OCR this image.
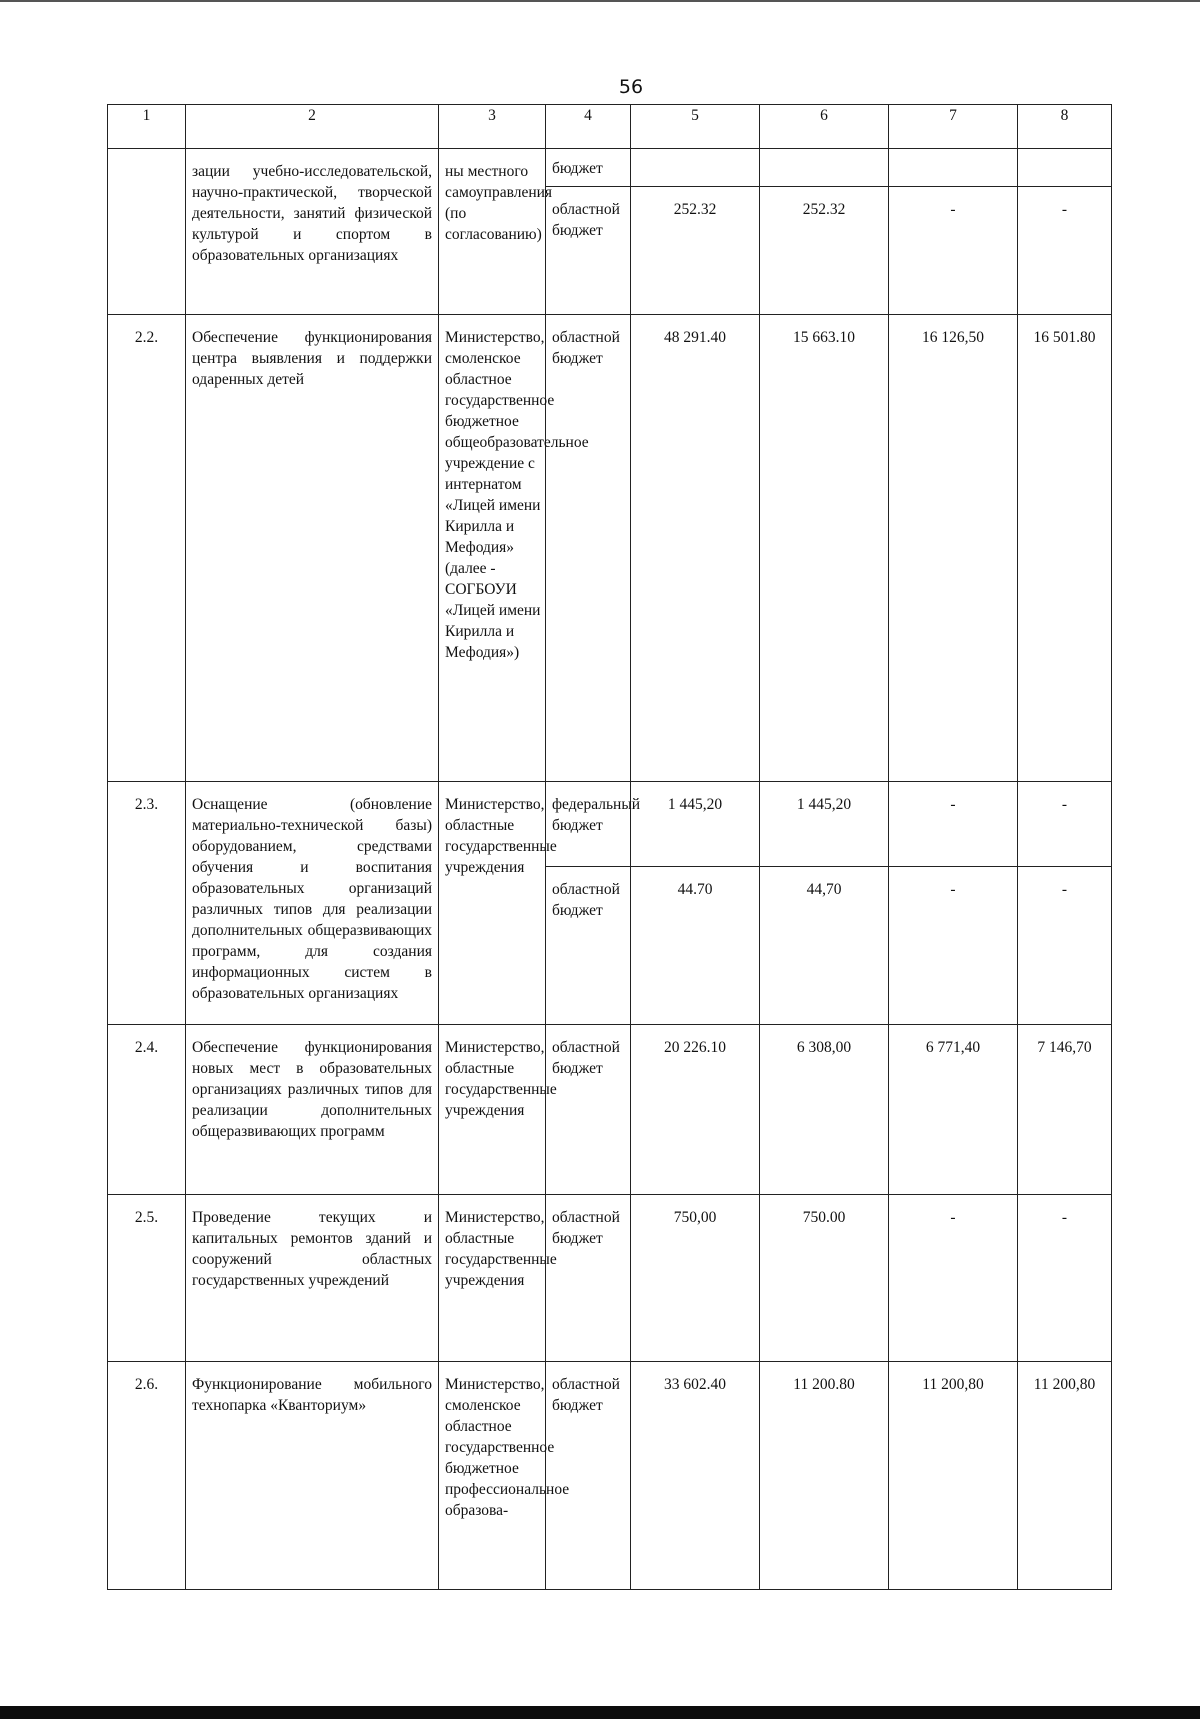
56
1	2	3	4	5	6	7	8
	зации учебно-исследовательской, научно-практической, творческой деятельности, занятий физической культурой и спортом в образовательных организациях	ны местного самоуправления (по согласованию)	бюджет				
			областной бюджет	252.32	252.32	-	-
2.2.	Обеспечение функционирования центра выявления и поддержки одаренных детей	Министерство, смоленское областное государственное бюджетное общеобразовательное учреждение с интернатом «Лицей имени Кирилла и Мефодия» (далее - СОГБОУИ «Лицей имени Кирилла и Мефодия»)	областной бюджет	48 291.40	15 663.10	16 126,50	16 501.80
2.3.	Оснащение (обновление материально-технической базы) оборудованием, средствами обучения и воспитания образовательных организаций различных типов для реализации дополнительных общеразвивающих программ, для создания информационных систем в образовательных организациях	Министерство, областные государственные учреждения	федеральный бюджет	1 445,20	1 445,20	-	-
			областной бюджет	44.70	44,70	-	-
2.4.	Обеспечение функционирования новых мест в образовательных организациях различных типов для реализации дополнительных общеразвивающих программ	Министерство, областные государственные учреждения	областной бюджет	20 226.10	6 308,00	6 771,40	7 146,70
2.5.	Проведение текущих и капитальных ремонтов зданий и сооружений областных государственных учреждений	Министерство, областные государственные учреждения	областной бюджет	750,00	750.00	-	-
2.6.	Функционирование мобильного технопарка «Кванториум»	Министерство, смоленское областное государственное бюджетное профессиональное образова-	областной бюджет	33 602.40	11 200.80	11 200,80	11 200,80
